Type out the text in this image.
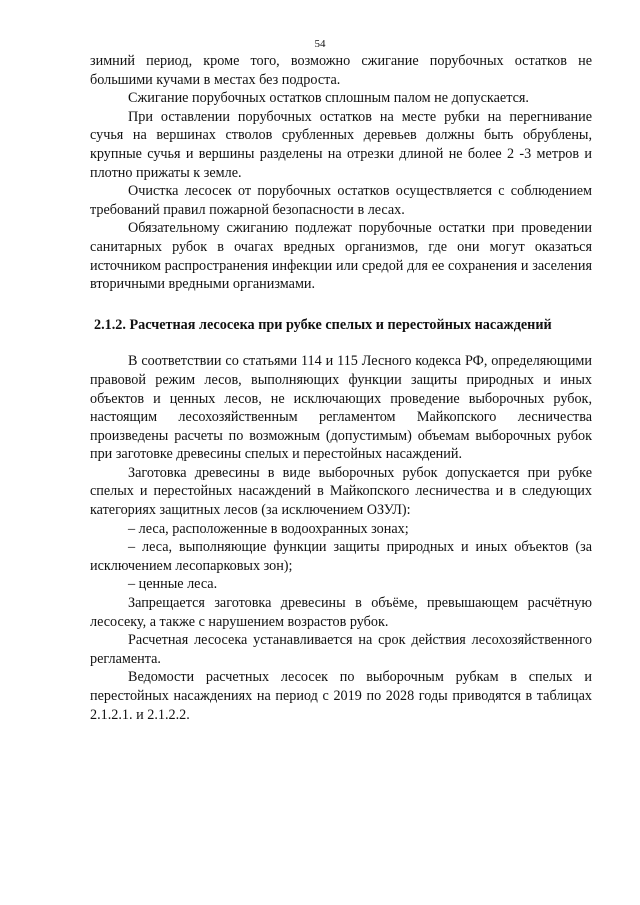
54

зимний период, кроме того, возможно сжигание порубочных остатков не большими кучами в местах без подроста.

Сжигание порубочных остатков сплошным палом не допускается.

При оставлении порубочных остатков на месте рубки на перегнивание сучья на вершинах стволов срубленных деревьев должны быть обрублены, крупные сучья и вершины разделены на отрезки длиной не более 2 -3 метров и плотно прижаты к земле.

Очистка лесосек от порубочных остатков осуществляется с соблюдением требований правил пожарной безопасности в лесах.

Обязательному сжиганию подлежат порубочные остатки при проведении санитарных рубок в очагах вредных организмов, где они могут оказаться источником распространения инфекции или средой для ее сохранения и заселения вторичными вредными организмами.

2.1.2. Расчетная лесосека при рубке спелых и перестойных насаждений

В соответствии со статьями 114 и 115 Лесного кодекса РФ, определяющими правовой режим лесов, выполняющих функции защиты природных и иных объектов и ценных лесов, не исключающих проведение выборочных рубок, настоящим лесохозяйственным регламентом Майкопского лесничества произведены расчеты по возможным (допустимым) объемам выборочных рубок при заготовке древесины спелых и перестойных насаждений.

Заготовка древесины в виде выборочных рубок допускается при рубке спелых и перестойных насаждений в Майкопского лесничества и в следующих категориях защитных лесов (за исключением ОЗУЛ):

– леса, расположенные в водоохранных зонах;

– леса, выполняющие функции защиты природных и иных объектов (за исключением лесопарковых зон);

– ценные леса.

Запрещается заготовка древесины в объёме, превышающем расчётную лесосеку, а также с нарушением возрастов рубок.

Расчетная лесосека устанавливается на срок действия лесохозяйственного регламента.

Ведомости расчетных лесосек по выборочным рубкам в спелых и перестойных насаждениях на период с 2019 по 2028 годы приводятся в таблицах 2.1.2.1. и 2.1.2.2.
